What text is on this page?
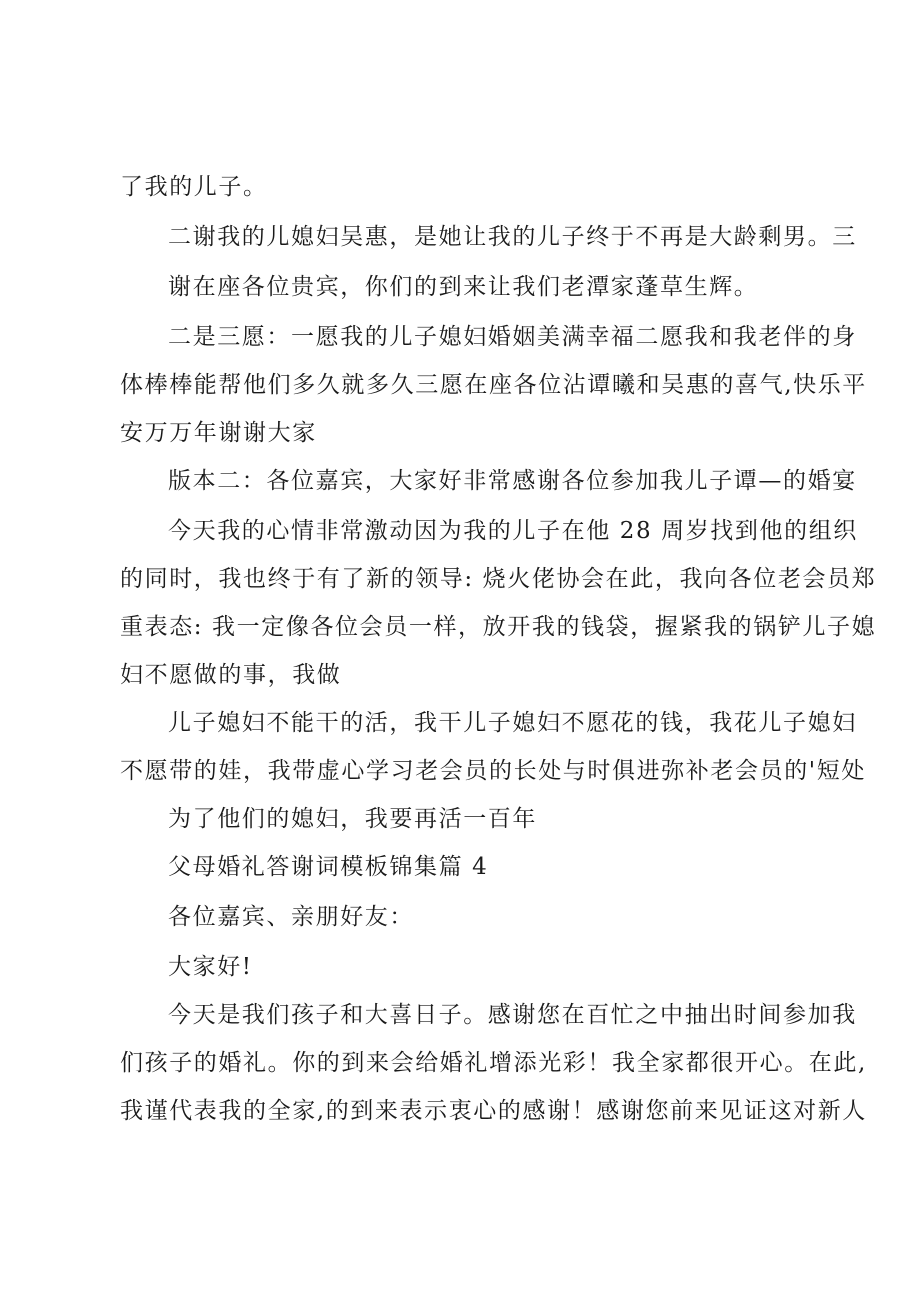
了我的儿子。
二谢我的儿媳妇吴惠，是她让我的儿子终于不再是大龄剩男。三
谢在座各位贵宾，你们的到来让我们老潭家蓬草生辉。
二是三愿：一愿我的儿子媳妇婚姻美满幸福二愿我和我老伴的身
体棒棒能帮他们多久就多久三愿在座各位沾谭曦和吴惠的喜气,快乐平
安万万年谢谢大家
版本二：各位嘉宾，大家好非常感谢各位参加我儿子谭—的婚宴
今天我的心情非常激动因为我的儿子在他 28 周岁找到他的组织
的同时，我也终于有了新的领导: 烧火佬协会在此，我向各位老会员郑
重表态: 我一定像各位会员一样，放开我的钱袋，握紧我的锅铲儿子媳
妇不愿做的事，我做
儿子媳妇不能干的活，我干儿子媳妇不愿花的钱，我花儿子媳妇
不愿带的娃，我带虚心学习老会员的长处与时俱进弥补老会员的'短处
为了他们的媳妇，我要再活一百年
父母婚礼答谢词模板锦集篇 4
各位嘉宾、亲朋好友：
大家好!
今天是我们孩子和大喜日子。感谢您在百忙之中抽出时间参加我
们孩子的婚礼。你的到来会给婚礼增添光彩！我全家都很开心。在此,
我谨代表我的全家,的到来表示衷心的感谢！感谢您前来见证这对新人
